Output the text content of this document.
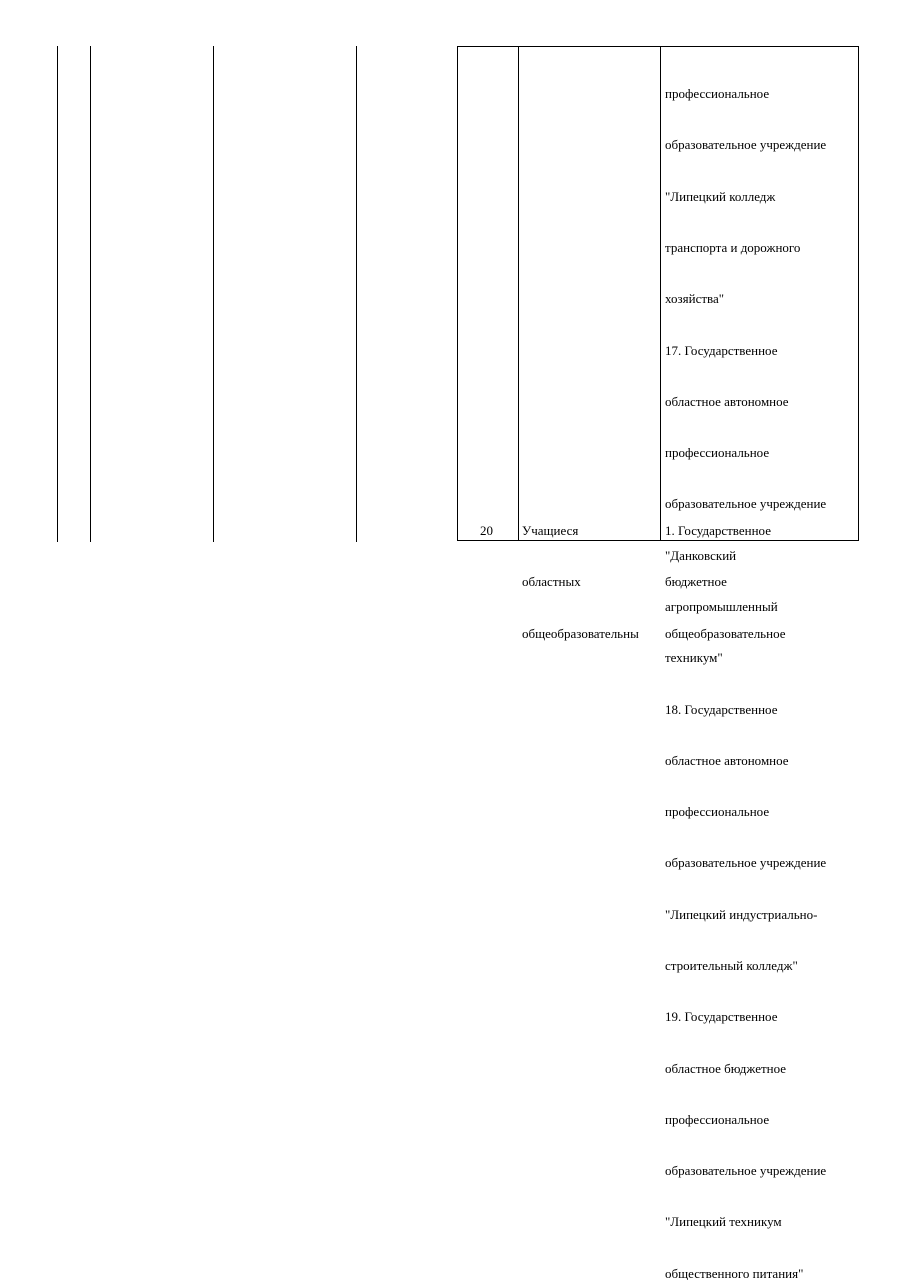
профессиональное

образовательное учреждение

"Липецкий колледж

транспорта и дорожного

хозяйства"

17. Государственное

областное автономное

профессиональное

образовательное учреждение

"Данковский

агропромышленный

техникум"

18. Государственное

областное автономное

профессиональное

образовательное учреждение

"Липецкий индустриально-

строительный колледж"

19. Государственное

областное бюджетное

профессиональное

образовательное учреждение

"Липецкий техникум

общественного питания"

20

	Учащиеся

областных

общеобразовательны

1. Государственное

бюджетное

общеобразовательное
